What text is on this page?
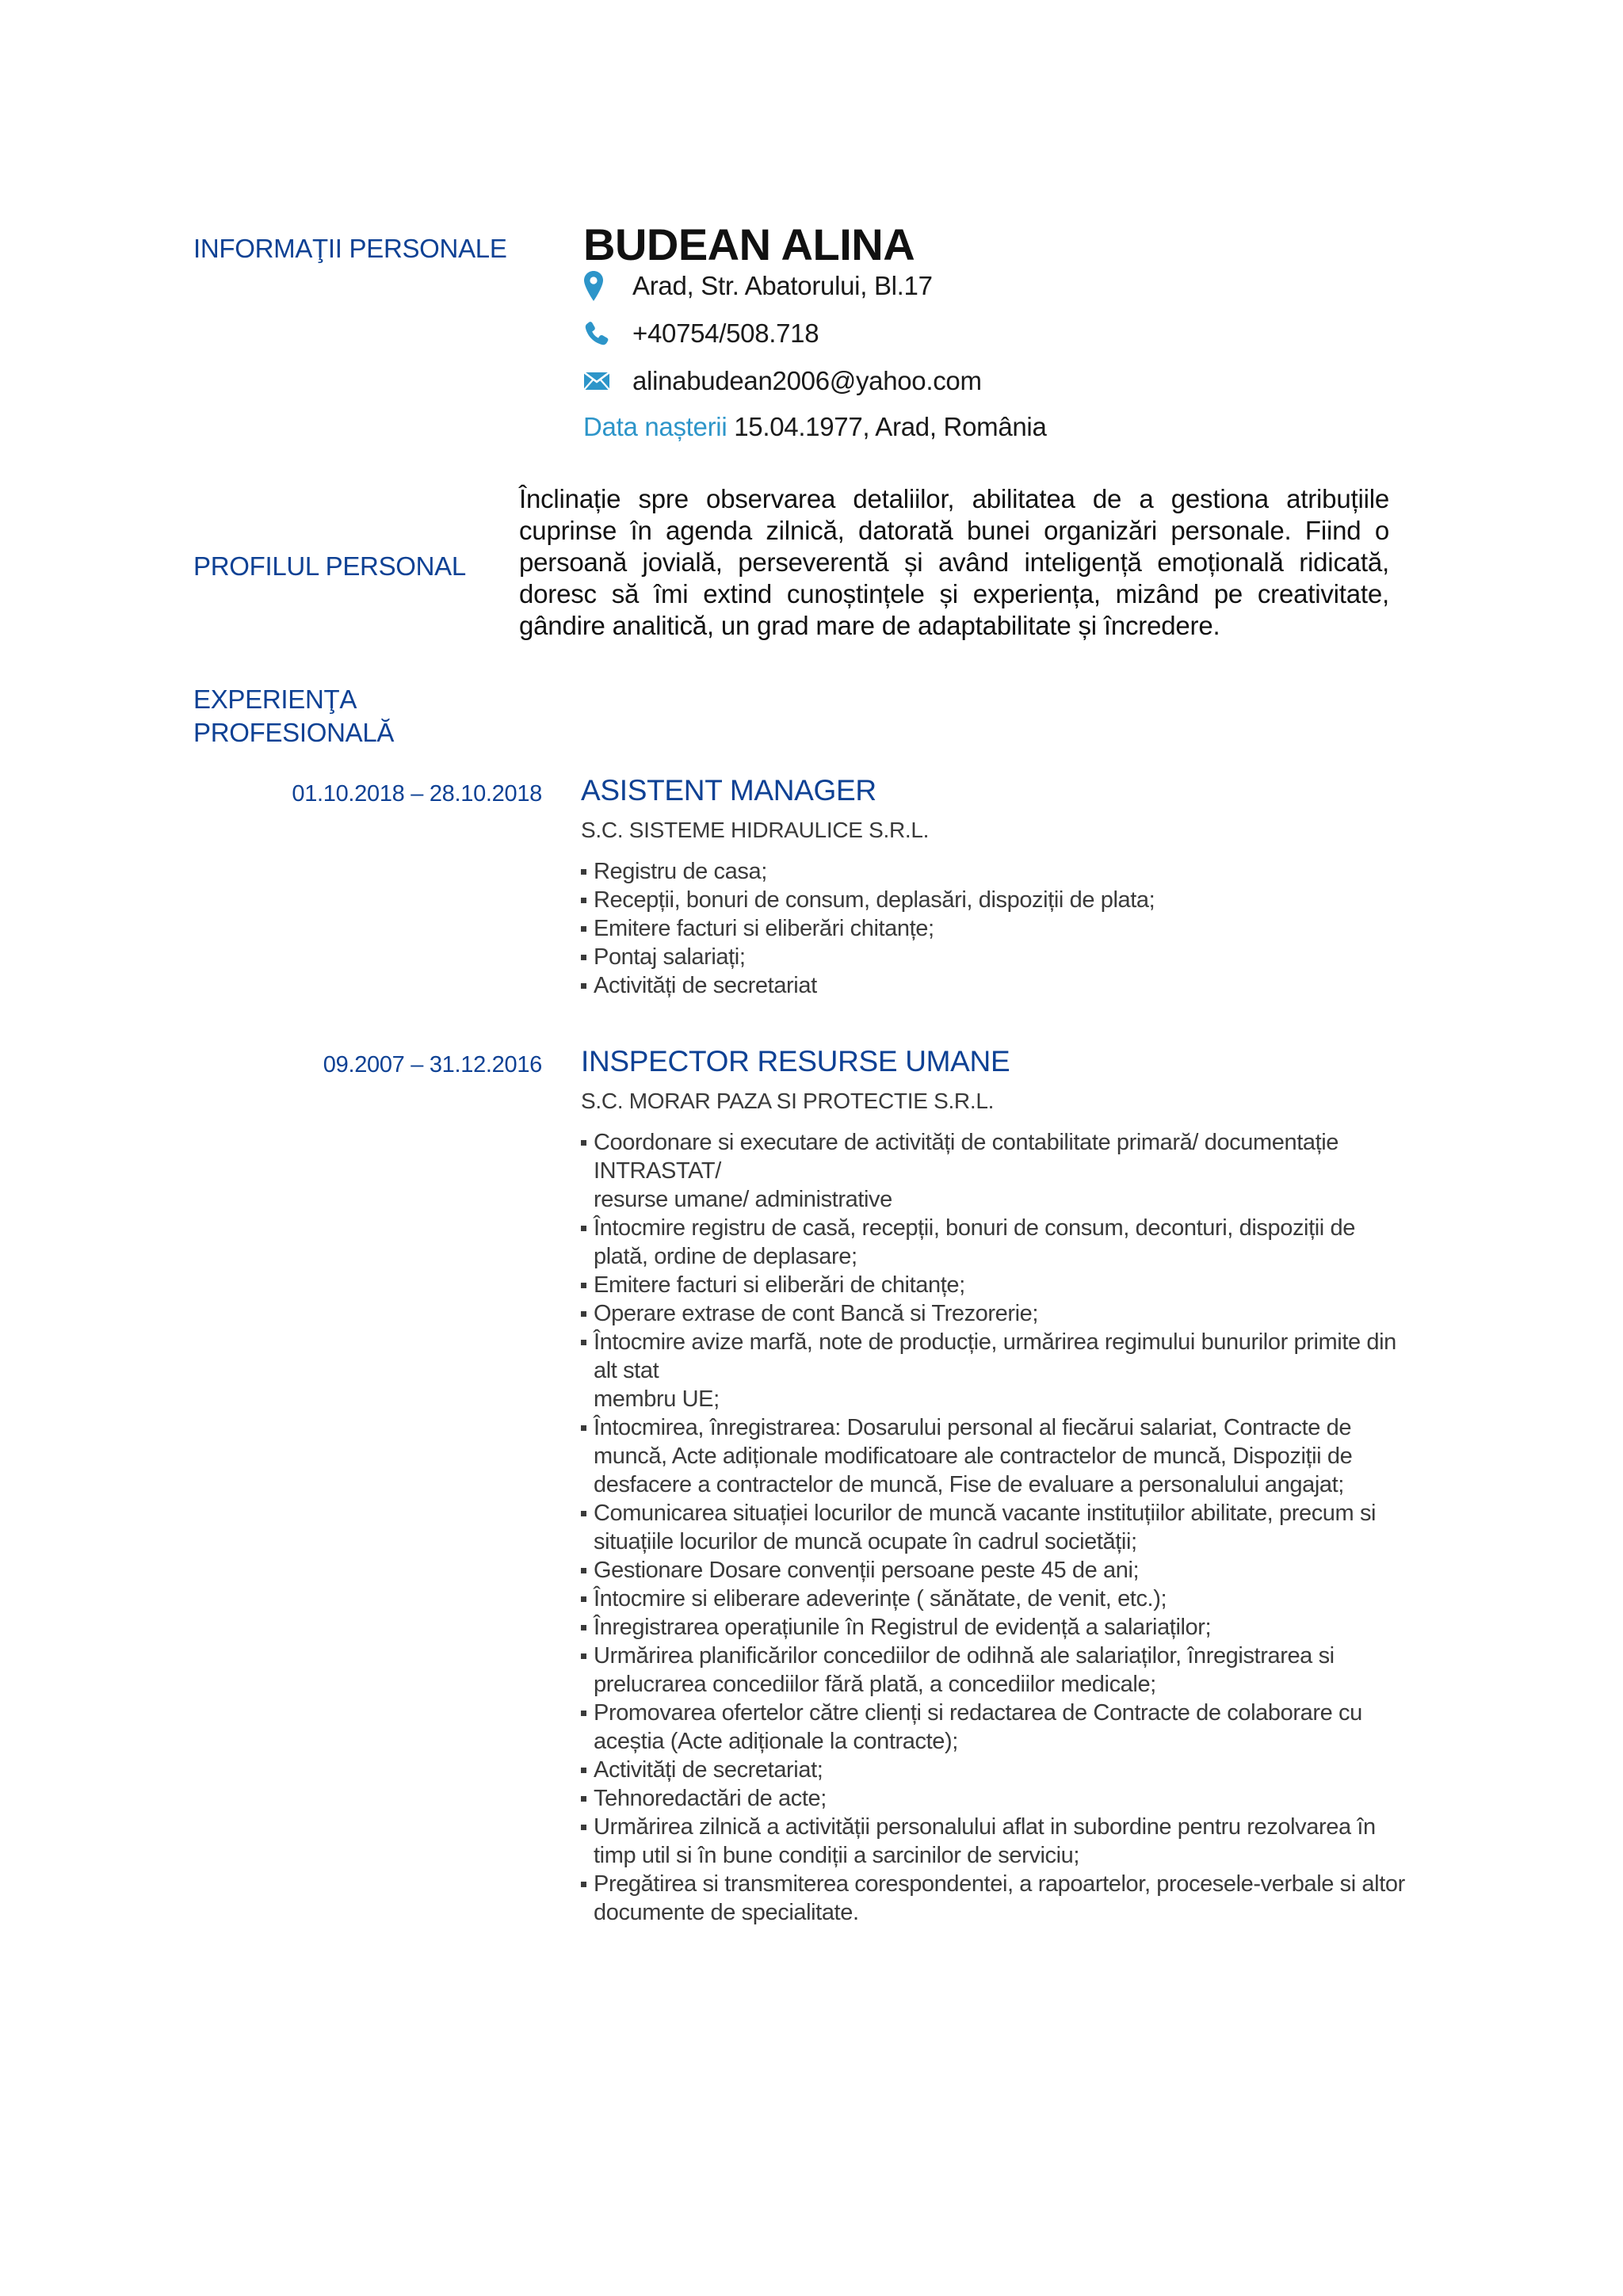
INFORMAŢII PERSONALE	BUDEAN ALINA
Arad, Str. Abatorului, Bl.17
+40754/508.718
alinabudean2006@yahoo.com
Data nașterii 15.04.1977, Arad, România
PROFILUL PERSONAL
Înclinație spre observarea detaliilor, abilitatea de a gestiona atribuțiile cuprinse în agenda zilnică, datorată bunei organizări personale. Fiind o persoană jovială, perseverentă și având inteligență emoțională ridicată, doresc să îmi extind cunoștințele și experiența, mizând pe creativitate, gândire analitică, un grad mare de adaptabilitate și încredere.
EXPERIENŢA
PROFESIONALĂ
01.10.2018 – 28.10.2018 ASISTENT MANAGER
S.C. SISTEME HIDRAULICE S.R.L.
Registru de casa;
Recepții, bonuri de consum, deplasări, dispoziții de plata;
Emitere facturi si eliberări chitanțe;
Pontaj salariați;
Activități de secretariat
09.2007 – 31.12.2016 INSPECTOR RESURSE UMANE
S.C. MORAR PAZA SI PROTECTIE S.R.L.
Coordonare si executare de activități de contabilitate primară/ documentație INTRASTAT/
resurse umane/ administrative
Întocmire registru de casă, recepții, bonuri de consum, deconturi, dispoziții de plată, ordine de deplasare;
Emitere facturi si eliberări de chitanțe;
Operare extrase de cont Bancă si Trezorerie;
Întocmire avize marfă, note de producție, urmărirea regimului bunurilor primite din alt stat
membru UE;
Întocmirea, înregistrarea: Dosarului personal al fiecărui salariat, Contracte de muncă, Acte adiționale modificatoare ale contractelor de muncă, Dispoziții de desfacere a contractelor de muncă, Fise de evaluare a personalului angajat;
Comunicarea situației locurilor de muncă vacante instituțiilor abilitate, precum si situațiile locurilor de muncă ocupate în cadrul societății;
Gestionare Dosare convenții persoane peste 45 de ani;
Întocmire si eliberare adeverințe ( sănătate, de venit, etc.);
Înregistrarea operațiunile în Registrul de evidență a salariaților;
Urmărirea planificărilor concediilor de odihnă ale salariaților, înregistrarea si prelucrarea concediilor fără plată, a concediilor medicale;
Promovarea ofertelor către clienți si redactarea de Contracte de colaborare cu aceștia (Acte adiționale la contracte);
Activități de secretariat;
Tehnoredactări de acte;
Urmărirea zilnică a activității personalului aflat in subordine pentru rezolvarea în timp util si în bune condiții a sarcinilor de serviciu;
Pregătirea si transmiterea corespondentei, a rapoartelor, procesele-verbale si altor documente de specialitate.
